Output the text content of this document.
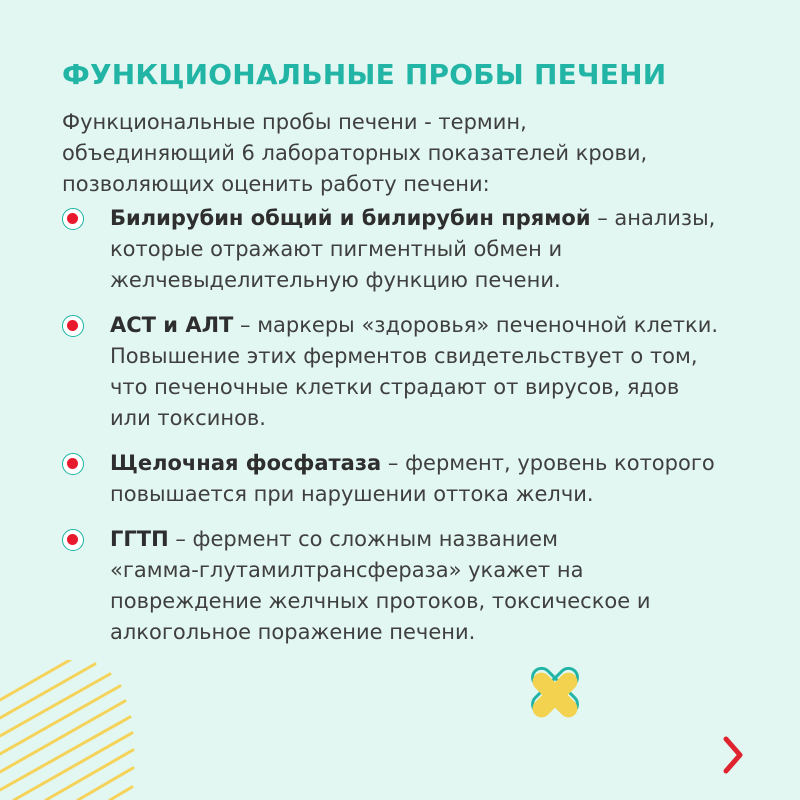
ФУНКЦИОНАЛЬНЫЕ ПРОБЫ ПЕЧЕНИ
Функциональные пробы печени - термин,
объединяющий 6 лабораторных показателей крови,
позволяющих оценить работу печени:
Билирубин общий и билирубин прямой – анализы,
которые отражают пигментный обмен и
желчевыделительную функцию печени.
АСТ и АЛТ – маркеры «здоровья» печеночной клетки.
Повышение этих ферментов свидетельствует о том,
что печеночные клетки страдают от вирусов, ядов
или токсинов.
Щелочная фосфатаза – фермент, уровень которого
повышается при нарушении оттока желчи.
ГГТП – фермент со сложным названием
«гамма-глутамилтрансфераза» укажет на
повреждение желчных протоков, токсическое и
алкогольное поражение печени.
